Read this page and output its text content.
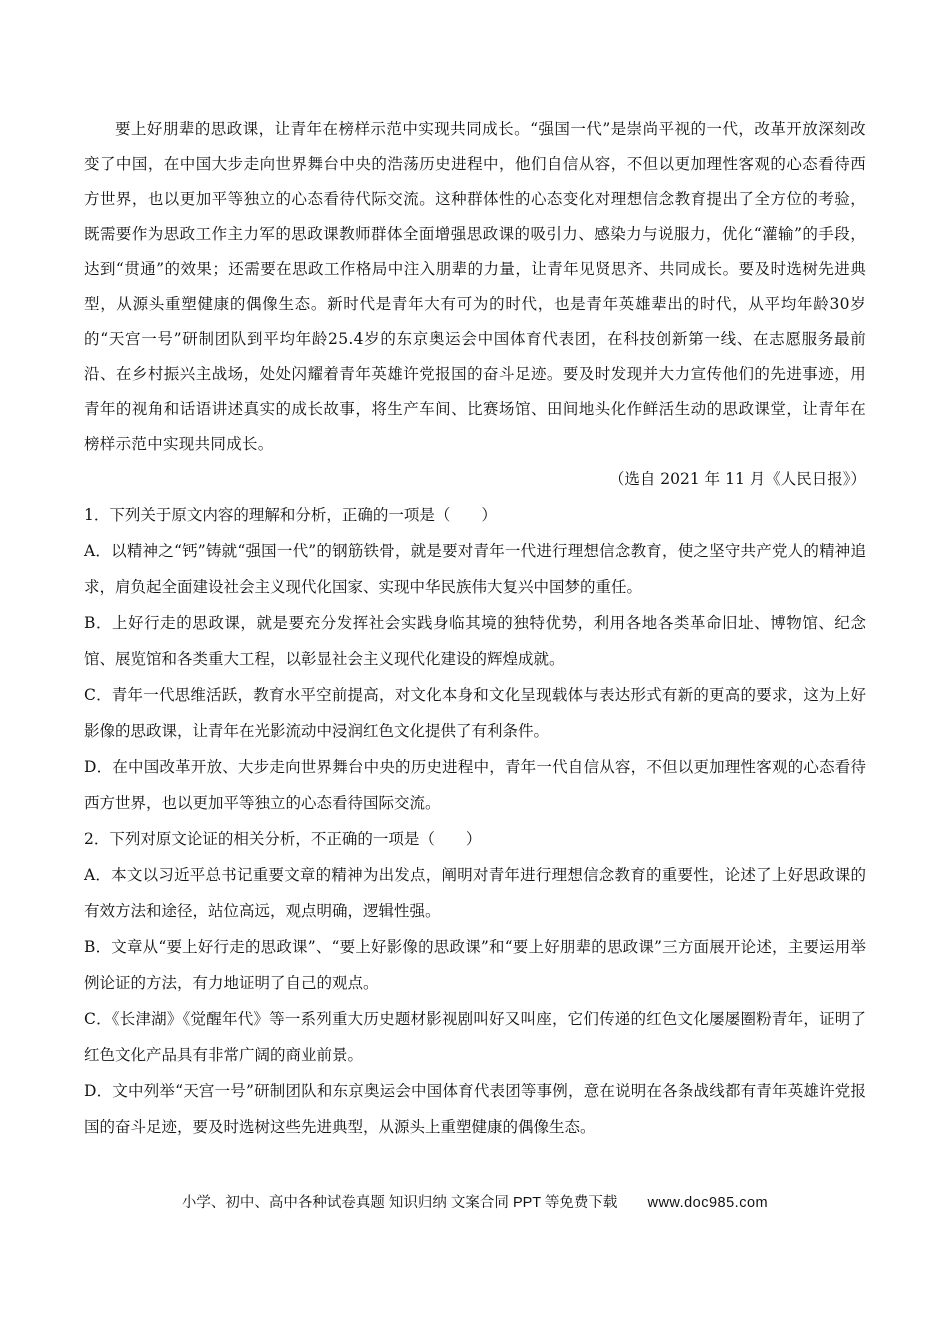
要上好朋辈的思政课，让青年在榜样示范中实现共同成长。“强国一代”是崇尚平视的一代，改革开放深刻改变了中国，在中国大步走向世界舞台中央的浩荡历史进程中，他们自信从容，不但以更加理性客观的心态看待西方世界，也以更加平等独立的心态看待代际交流。这种群体性的心态变化对理想信念教育提出了全方位的考验，既需要作为思政工作主力军的思政课教师群体全面增强思政课的吸引力、感染力与说服力，优化“灌输”的手段，达到“贯通”的效果；还需要在思政工作格局中注入朋辈的力量，让青年见贤思齐、共同成长。要及时选树先进典型，从源头重塑健康的偶像生态。新时代是青年大有可为的时代，也是青年英雄辈出的时代，从平均年龄30岁的“天宫一号”研制团队到平均年龄25.4岁的东京奥运会中国体育代表团，在科技创新第一线、在志愿服务最前沿、在乡村振兴主战场，处处闪耀着青年英雄许党报国的奋斗足迹。要及时发现并大力宣传他们的先进事迹，用青年的视角和话语讲述真实的成长故事，将生产车间、比赛场馆、田间地头化作鲜活生动的思政课堂，让青年在榜样示范中实现共同成长。

（选自 2021 年 11 月《人民日报》）

1．下列关于原文内容的理解和分析，正确的一项是（　　）

A．以精神之“钙”铸就“强国一代”的钢筋铁骨，就是要对青年一代进行理想信念教育，使之坚守共产党人的精神追求，肩负起全面建设社会主义现代化国家、实现中华民族伟大复兴中国梦的重任。

B．上好行走的思政课，就是要充分发挥社会实践身临其境的独特优势，利用各地各类革命旧址、博物馆、纪念馆、展览馆和各类重大工程，以彰显社会主义现代化建设的辉煌成就。

C．青年一代思维活跃，教育水平空前提高，对文化本身和文化呈现载体与表达形式有新的更高的要求，这为上好影像的思政课，让青年在光影流动中浸润红色文化提供了有利条件。

D．在中国改革开放、大步走向世界舞台中央的历史进程中，青年一代自信从容，不但以更加理性客观的心态看待西方世界，也以更加平等独立的心态看待国际交流。

2．下列对原文论证的相关分析，不正确的一项是（　　）

A．本文以习近平总书记重要文章的精神为出发点，阐明对青年进行理想信念教育的重要性，论述了上好思政课的有效方法和途径，站位高远，观点明确，逻辑性强。

B．文章从“要上好行走的思政课”、“要上好影像的思政课”和“要上好朋辈的思政课”三方面展开论述，主要运用举例论证的方法，有力地证明了自己的观点。

C．《长津湖》《觉醒年代》等一系列重大历史题材影视剧叫好又叫座，它们传递的红色文化屡屡圈粉青年，证明了红色文化产品具有非常广阔的商业前景。

D．文中列举“天宫一号”研制团队和东京奥运会中国体育代表团等事例，意在说明在各条战线都有青年英雄许党报国的奋斗足迹，要及时选树这些先进典型，从源头上重塑健康的偶像生态。

小学、初中、高中各种试卷真题 知识归纳 文案合同 PPT 等免费下载 www.doc985.com
